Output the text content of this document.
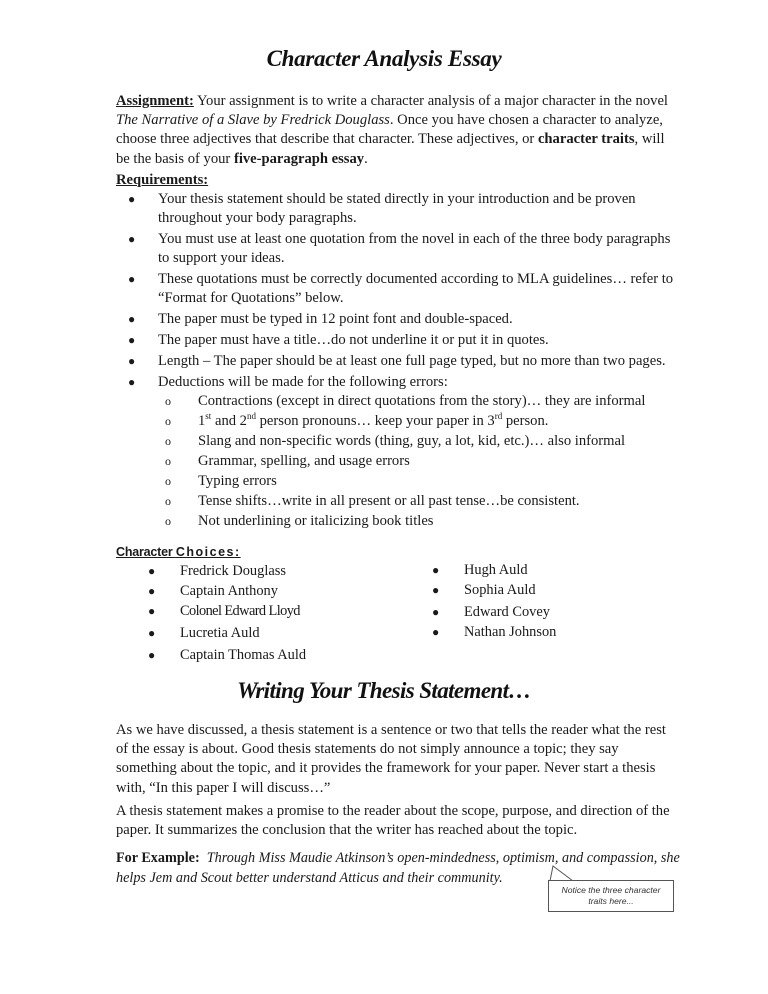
Character Analysis Essay
Assignment: Your assignment is to write a character analysis of a major character in the novel The Narrative of a Slave by Fredrick Douglass. Once you have chosen a character to analyze, choose three adjectives that describe that character. These adjectives, or character traits, will be the basis of your five-paragraph essay.
Requirements:
● Your thesis statement should be stated directly in your introduction and be proven throughout your body paragraphs.
● You must use at least one quotation from the novel in each of the three body paragraphs to support your ideas.
● These quotations must be correctly documented according to MLA guidelines… refer to “Format for Quotations” below.
● The paper must be typed in 12 point font and double-spaced.
● The paper must have a title…do not underline it or put it in quotes.
● Length – The paper should be at least one full page typed, but no more than two pages.
● Deductions will be made for the following errors:
o Contractions (except in direct quotations from the story)… they are informal
o 1st and 2nd person pronouns… keep your paper in 3rd person.
o Slang and non-specific words (thing, guy, a lot, kid, etc.)… also informal
o Grammar, spelling, and usage errors
o Typing errors
o Tense shifts…write in all present or all past tense…be consistent.
o Not underlining or italicizing book titles
Character Choices:
● Fredrick Douglass
● Captain Anthony
● Colonel Edward Lloyd
● Lucretia Auld
● Captain Thomas Auld
● Hugh Auld
● Sophia Auld
● Edward Covey
● Nathan Johnson
Writing Your Thesis Statement…
As we have discussed, a thesis statement is a sentence or two that tells the reader what the rest of the essay is about. Good thesis statements do not simply announce a topic; they say something about the topic, and it provides the framework for your paper. Never start a thesis with, “In this paper I will discuss…”
A thesis statement makes a promise to the reader about the scope, purpose, and direction of the paper. It summarizes the conclusion that the writer has reached about the topic.
For Example: Through Miss Maudie Atkinson’s open-mindedness, optimism, and compassion, she helps Jem and Scout better understand Atticus and their community.
Notice the three character traits here...
